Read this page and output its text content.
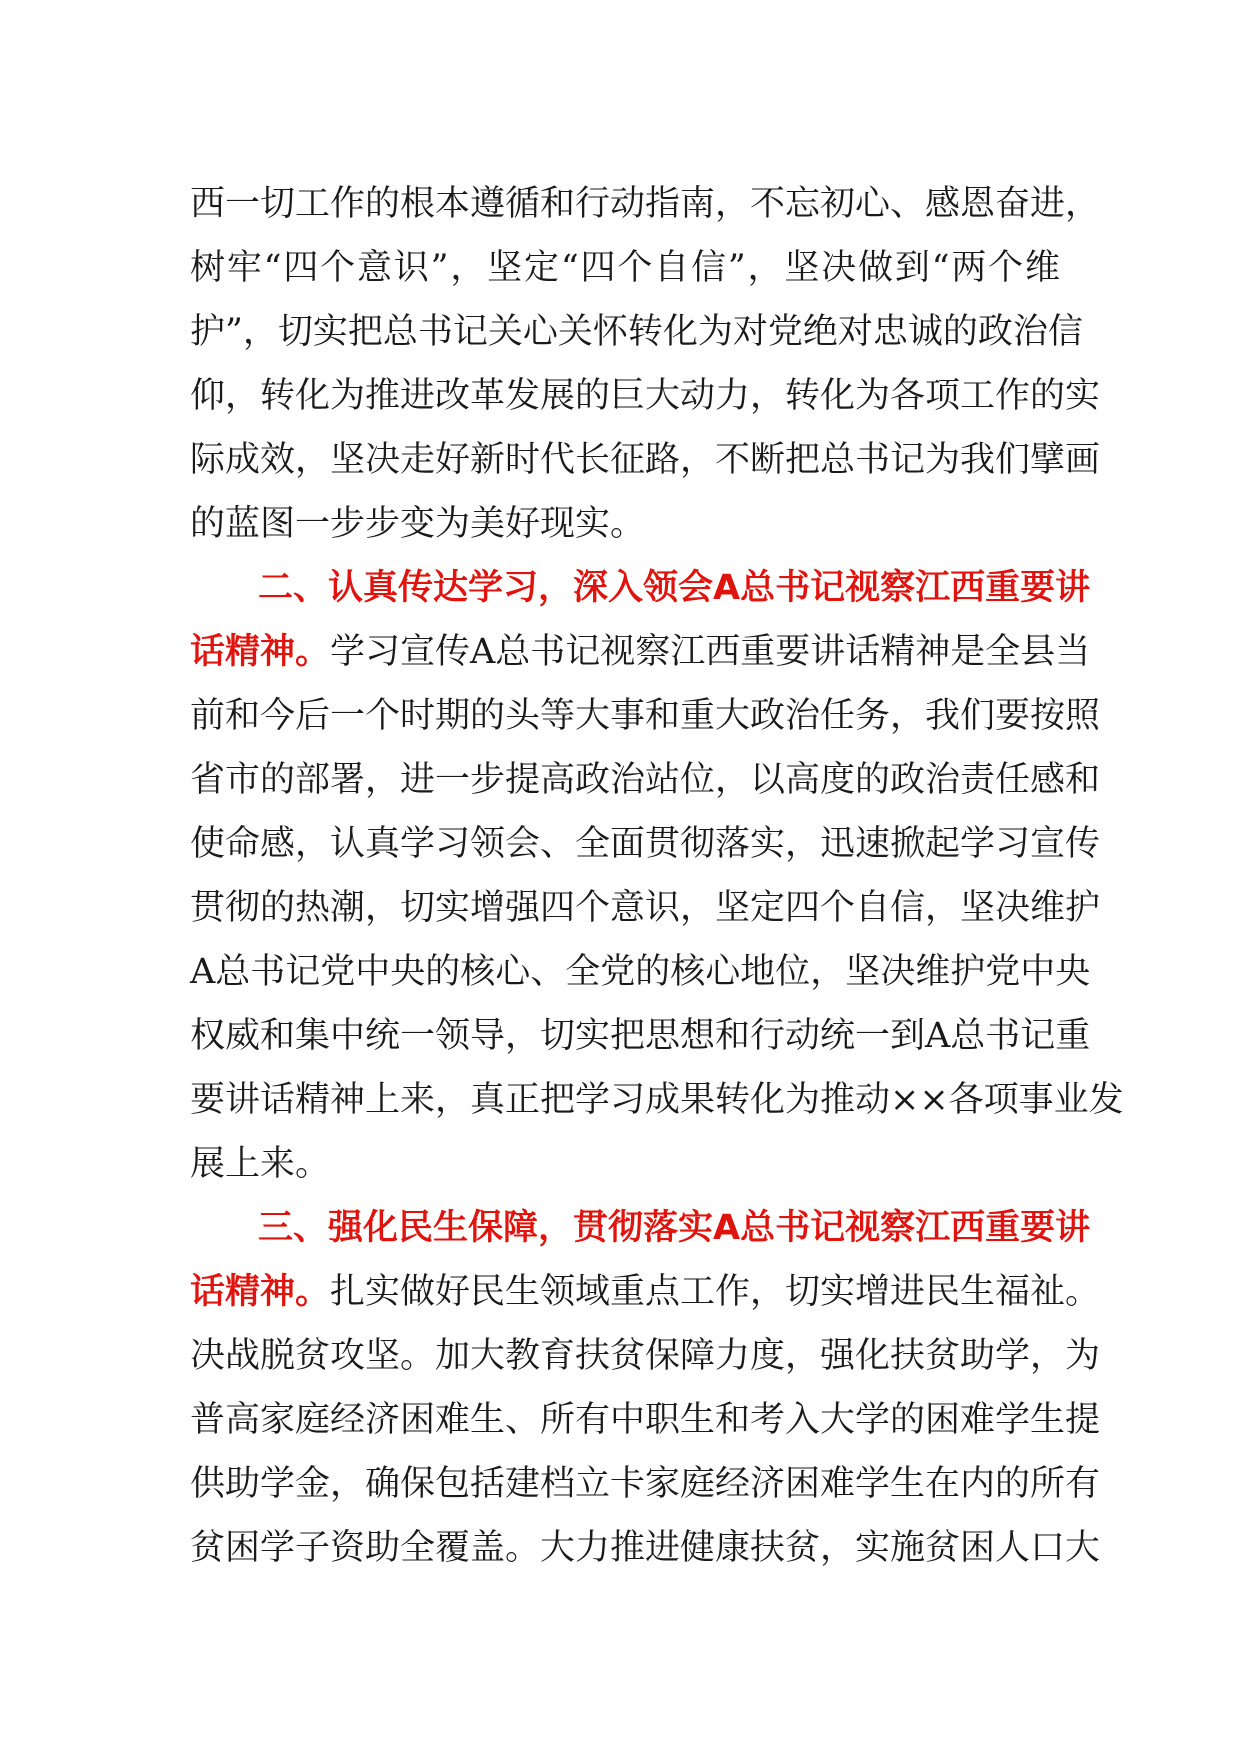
西一切工作的根本遵循和行动指南，不忘初心、感恩奋进，
树牢“四个意识”，坚定“四个自信”，坚决做到“两个维
护”，切实把总书记关心关怀转化为对党绝对忠诚的政治信
仰，转化为推进改革发展的巨大动力，转化为各项工作的实
际成效，坚决走好新时代长征路，不断把总书记为我们擘画
的蓝图一步步变为美好现实。
二、认真传达学习，深入领会A总书记视察江西重要讲
话精神。学习宣传A总书记视察江西重要讲话精神是全县当
前和今后一个时期的头等大事和重大政治任务，我们要按照
省市的部署，进一步提高政治站位，以高度的政治责任感和
使命感，认真学习领会、全面贯彻落实，迅速掀起学习宣传
贯彻的热潮，切实增强四个意识，坚定四个自信，坚决维护
A总书记党中央的核心、全党的核心地位，坚决维护党中央
权威和集中统一领导，切实把思想和行动统一到A总书记重
要讲话精神上来，真正把学习成果转化为推动××各项事业发
展上来。
三、强化民生保障，贯彻落实A总书记视察江西重要讲
话精神。扎实做好民生领域重点工作，切实增进民生福祉。
决战脱贫攻坚。加大教育扶贫保障力度，强化扶贫助学，为
普高家庭经济困难生、所有中职生和考入大学的困难学生提
供助学金，确保包括建档立卡家庭经济困难学生在内的所有
贫困学子资助全覆盖。大力推进健康扶贫，实施贫困人口大
